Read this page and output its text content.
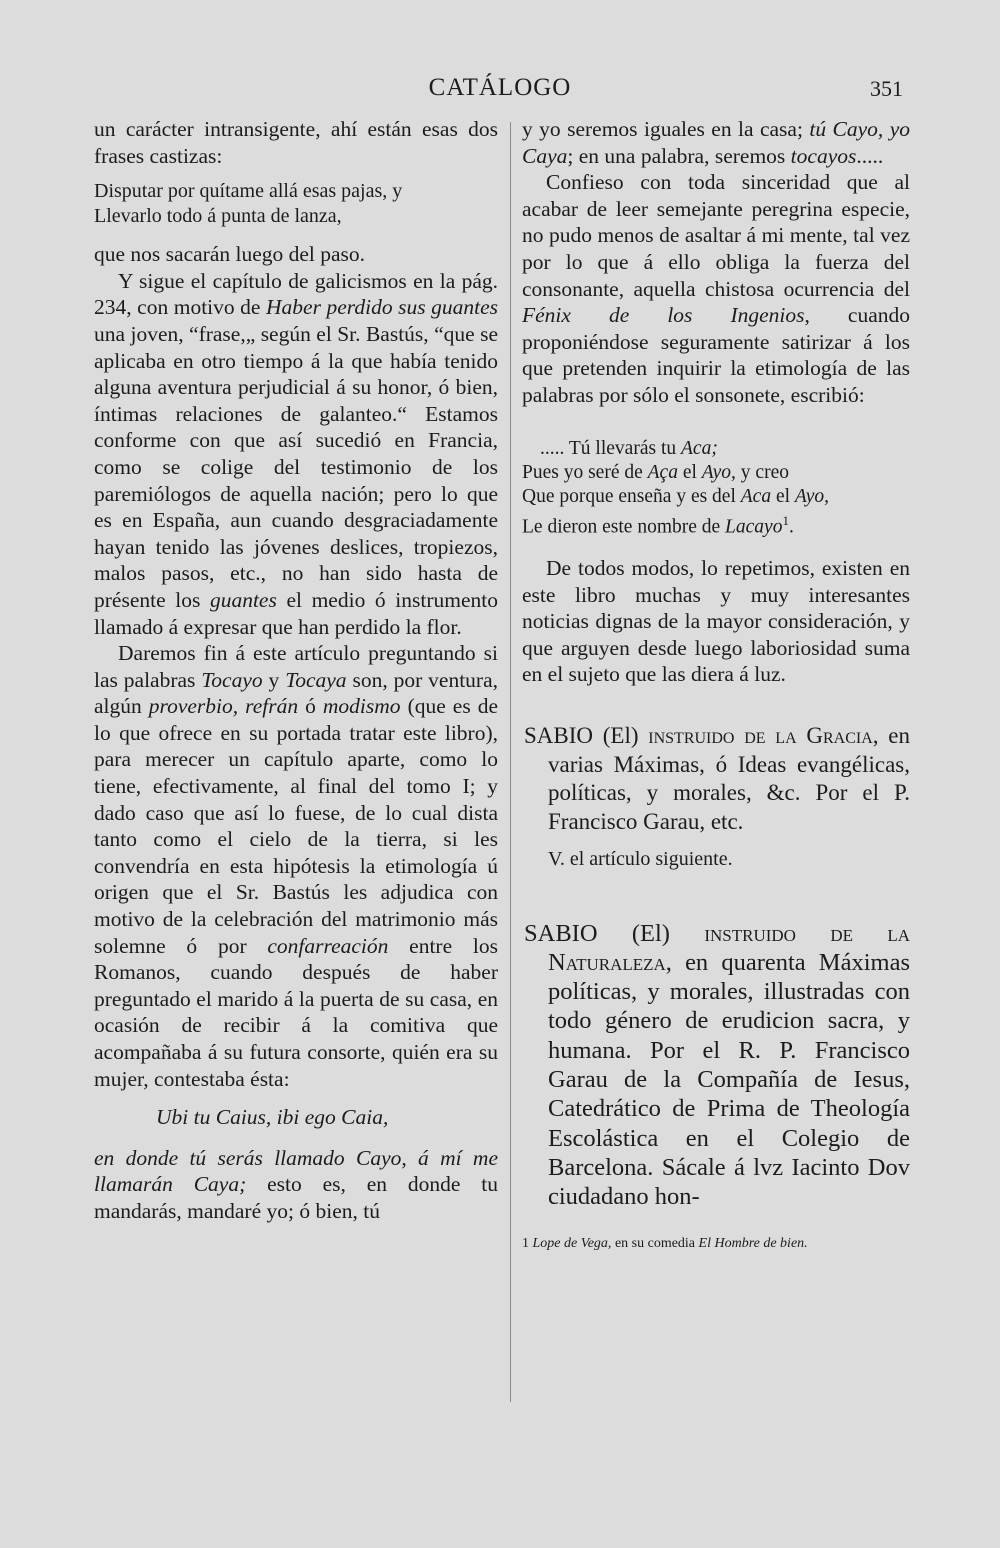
CATÁLOGO	351

un carácter intransigente, ahí están esas dos frases castizas:

Disputar por quítame allá esas pajas, y
Llevarlo todo á punta de lanza,

que nos sacarán luego del paso.

Y sigue el capítulo de galicismos en la pág. 234, con motivo de Haber perdido sus guantes una joven, “frase,„ según el Sr. Bastús, “que se aplicaba en otro tiempo á la que había tenido alguna aventura perjudicial á su honor, ó bien, íntimas relaciones de galanteo.“ Estamos conforme con que así sucedió en Francia, como se colige del testimonio de los paremiólogos de aquella nación; pero lo que es en España, aun cuando desgraciadamente hayan tenido las jóvenes deslices, tropiezos, malos pasos, etc., no han sido hasta de présente los guantes el medio ó instrumento llamado á expresar que han perdido la flor.

Daremos fin á este artículo preguntando si las palabras Tocayo y Tocaya son, por ventura, algún proverbio, refrán ó modismo (que es de lo que ofrece en su portada tratar este libro), para merecer un capítulo aparte, como lo tiene, efectivamente, al final del tomo I; y dado caso que así lo fuese, de lo cual dista tanto como el cielo de la tierra, si les convendría en esta hipótesis la etimología ú origen que el Sr. Bastús les adjudica con motivo de la celebración del matrimonio más solemne ó por confarreación entre los Romanos, cuando después de haber preguntado el marido á la puerta de su casa, en ocasión de recibir á la comitiva que acompañaba á su futura consorte, quién era su mujer, contestaba ésta:

Ubi tu Caius, ibi ego Caia,

en donde tú serás llamado Cayo, á mí me llamarán Caya; esto es, en donde tu mandarás, mandaré yo; ó bien, tú

y yo seremos iguales en la casa; tú Cayo, yo Caya; en una palabra, seremos tocayos.....

Confieso con toda sinceridad que al acabar de leer semejante peregrina especie, no pudo menos de asaltar á mi mente, tal vez por lo que á ello obliga la fuerza del consonante, aquella chistosa ocurrencia del Fénix de los Ingenios, cuando proponiéndose seguramente satirizar á los que pretenden inquirir la etimología de las palabras por sólo el sonsonete, escribió:

..... Tú llevarás tu Aca;
Pues yo seré de Aça el Ayo, y creo
Que porque enseña y es del Aca el Ayo,
Le dieron este nombre de Lacayo$^1$.

De todos modos, lo repetimos, existen en este libro muchas y muy interesantes noticias dignas de la mayor consideración, y que arguyen desde luego laboriosidad suma en el sujeto que las diera á luz.

SABIO (El) instruido de la Gracia, en varias Máximas, ó Ideas evangélicas, políticas, y morales, &c. Por el P. Francisco Garau, etc.

V. el artículo siguiente.

SABIO (El) instruido de la Naturaleza, en quarenta Máximas políticas, y morales, illustradas con todo género de erudicion sacra, y humana. Por el R. P. Francisco Garau de la Compañía de Iesus, Catedrático de Prima de Theología Escolástica en el Colegio de Barcelona. Sácale á lvz Iacinto Dov ciudadano hon-

1 Lope de Vega, en su comedia El Hombre de bien.
